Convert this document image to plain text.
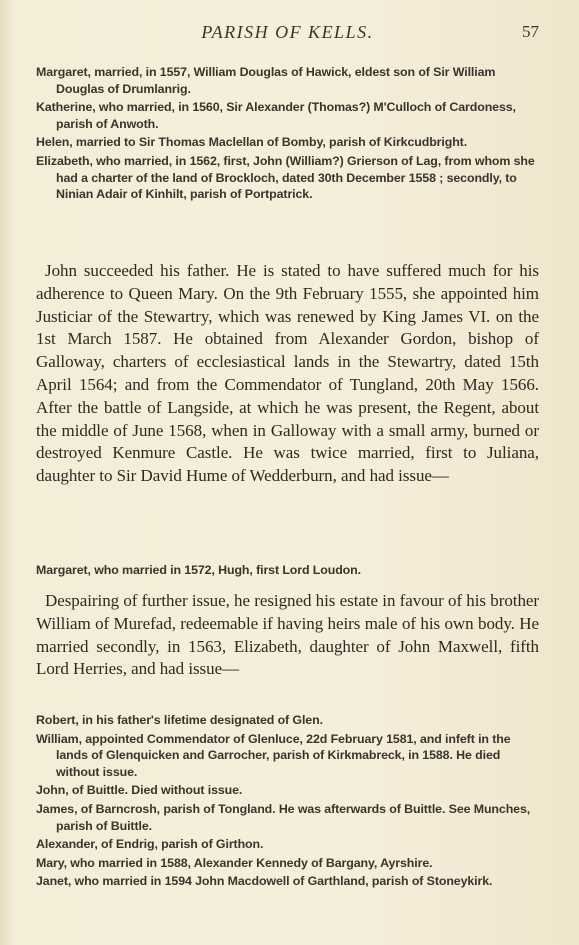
PARISH OF KELLS.	57

Margaret, married, in 1557, William Douglas of Hawick, eldest son of Sir William Douglas of Drumlanrig.

Katherine, who married, in 1560, Sir Alexander (Thomas?) M'Culloch of Cardoness, parish of Anwoth.

Helen, married to Sir Thomas Maclellan of Bomby, parish of Kirkcudbright.

Elizabeth, who married, in 1562, first, John (William?) Grierson of Lag, from whom she had a charter of the land of Brockloch, dated 30th December 1558 ; secondly, to Ninian Adair of Kinhilt, parish of Portpatrick.

John succeeded his father. He is stated to have suffered much for his adherence to Queen Mary. On the 9th February 1555, she appointed him Justiciar of the Stewartry, which was renewed by King James VI. on the 1st March 1587. He obtained from Alexander Gordon, bishop of Galloway, charters of ecclesiastical lands in the Stewartry, dated 15th April 1564; and from the Commendator of Tungland, 20th May 1566. After the battle of Langside, at which he was present, the Regent, about the middle of June 1568, when in Galloway with a small army, burned or destroyed Kenmure Castle. He was twice married, first to Juliana, daughter to Sir David Hume of Wedderburn, and had issue—

Margaret, who married in 1572, Hugh, first Lord Loudon.

Despairing of further issue, he resigned his estate in favour of his brother William of Murefad, redeemable if having heirs male of his own body. He married secondly, in 1563, Elizabeth, daughter of John Maxwell, fifth Lord Herries, and had issue—

Robert, in his father's lifetime designated of Glen.

William, appointed Commendator of Glenluce, 22d February 1581, and infeft in the lands of Glenquicken and Garrocher, parish of Kirkmabreck, in 1588. He died without issue.

John, of Buittle. Died without issue.

James, of Barncrosh, parish of Tongland. He was afterwards of Buittle. See Munches, parish of Buittle.

Alexander, of Endrig, parish of Girthon.

Mary, who married in 1588, Alexander Kennedy of Bargany, Ayrshire.

Janet, who married in 1594 John Macdowell of Garthland, parish of Stoneykirk.
